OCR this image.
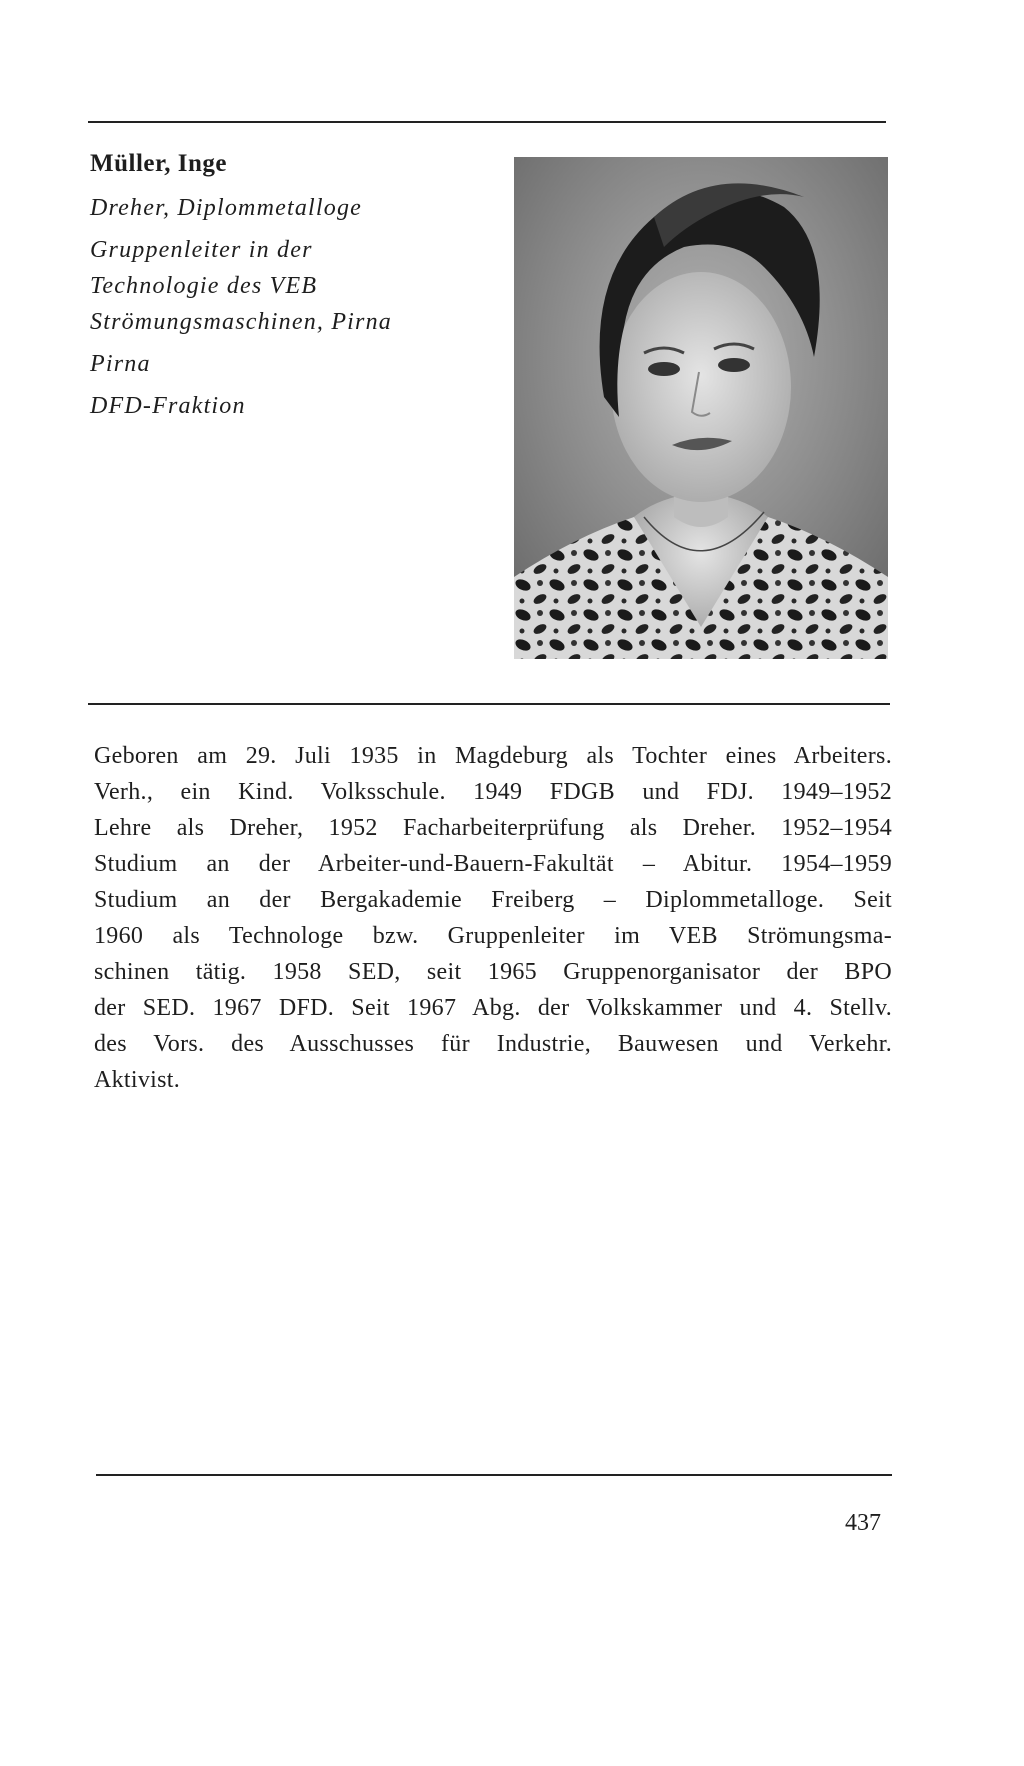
Müller, Inge

Dreher, Diplommetalloge

Gruppenleiter in der

Technologie des VEB

Strömungsmaschinen, Pirna

Pirna

DFD-Fraktion

Geboren am 29. Juli 1935 in Magdeburg als Tochter eines Arbeiters.
Verh., ein Kind. Volksschule. 1949 FDGB und FDJ. 1949–1952
Lehre als Dreher, 1952 Facharbeiterprüfung als Dreher. 1952–1954
Studium an der Arbeiter-und-Bauern-Fakultät – Abitur. 1954–1959
Studium an der Bergakademie Freiberg – Diplommetalloge. Seit
1960 als Technologe bzw. Gruppenleiter im VEB Strömungsma-
schinen tätig. 1958 SED, seit 1965 Gruppenorganisator der BPO
der SED. 1967 DFD. Seit 1967 Abg. der Volkskammer und 4. Stellv.
des Vors. des Ausschusses für Industrie, Bauwesen und Verkehr.
Aktivist.
437
